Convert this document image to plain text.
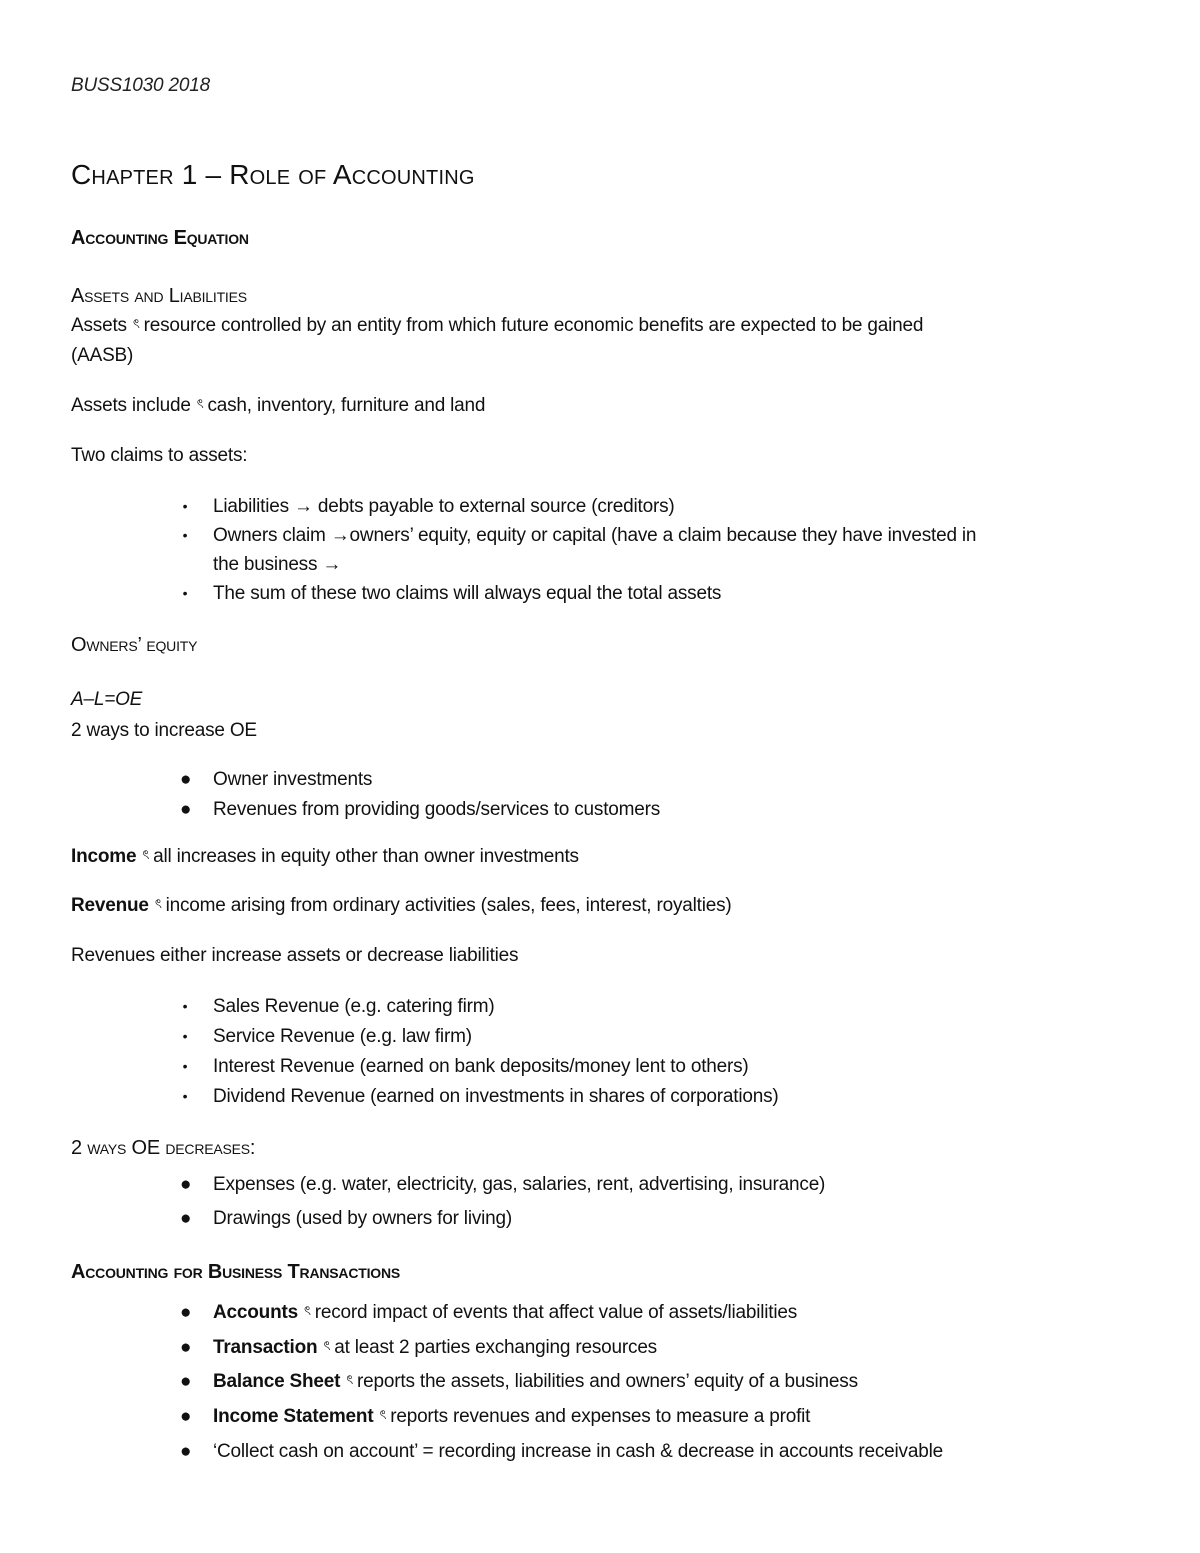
BUSS1030 2018
Chapter 1 – Role of Accounting
Accounting Equation
Assets and Liabilities
Assets ৎ resource controlled by an entity from which future economic benefits are expected to be gained
(AASB)
Assets include ৎ cash, inventory, furniture and land
Two claims to assets:
• Liabilities → debts payable to external source (creditors)
• Owners claim →owners’ equity, equity or capital (have a claim because they have invested in
the business →
• The sum of these two claims will always equal the total assets
Owners’ equity
A–L=OE
2 ways to increase OE
● Owner investments
● Revenues from providing goods/services to customers
Income ৎ all increases in equity other than owner investments
Revenue ৎ income arising from ordinary activities (sales, fees, interest, royalties)
Revenues either increase assets or decrease liabilities
• Sales Revenue (e.g. catering firm)
• Service Revenue (e.g. law firm)
• Interest Revenue (earned on bank deposits/money lent to others)
• Dividend Revenue (earned on investments in shares of corporations)
2 ways OE decreases:
● Expenses (e.g. water, electricity, gas, salaries, rent, advertising, insurance)
● Drawings (used by owners for living)
Accounting for Business Transactions
● Accounts ৎ record impact of events that affect value of assets/liabilities
● Transaction ৎ at least 2 parties exchanging resources
● Balance Sheet ৎ reports the assets, liabilities and owners’ equity of a business
● Income Statement ৎ reports revenues and expenses to measure a profit
● ‘Collect cash on account’ = recording increase in cash & decrease in accounts receivable
